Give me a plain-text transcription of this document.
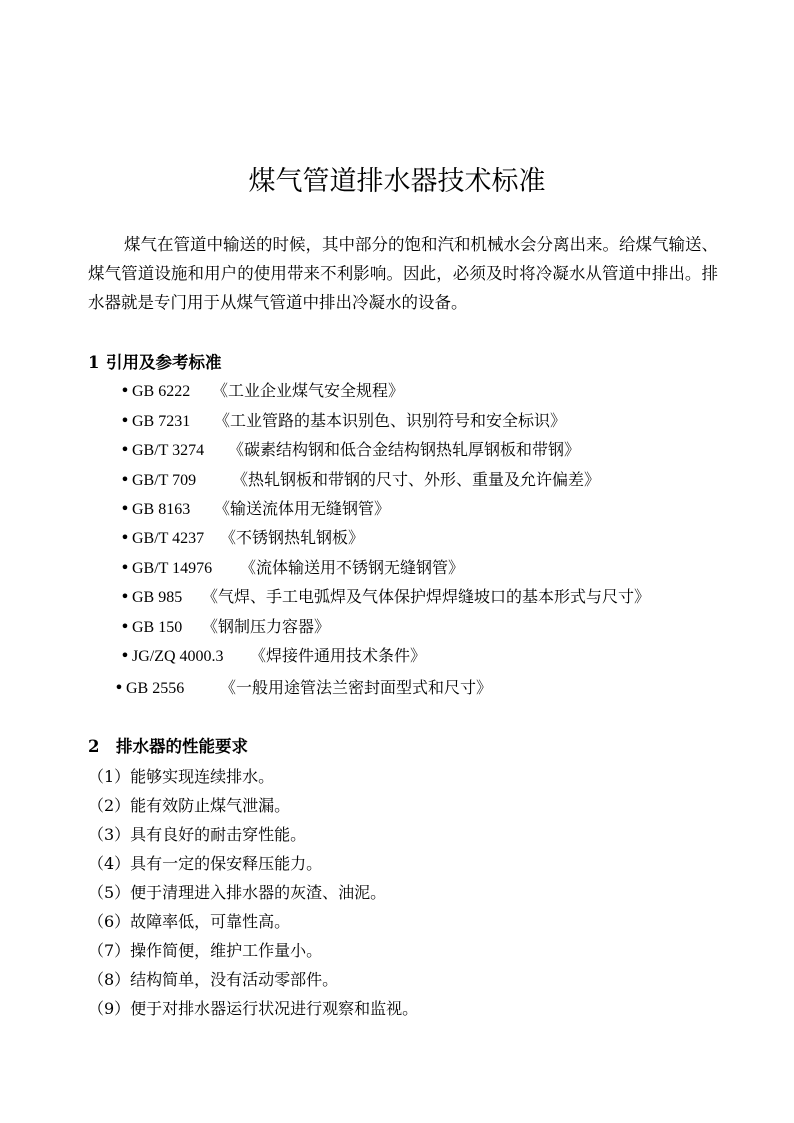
煤气管道排水器技术标准

煤气在管道中输送的时候，其中部分的饱和汽和机械水会分离出来。给煤气输送、煤气管道设施和用户的使用带来不利影响。因此，必须及时将冷凝水从管道中排出。排水器就是专门用于从煤气管道中排出冷凝水的设备。

1 引用及参考标准
• GB 6222 《工业企业煤气安全规程》
• GB 7231 《工业管路的基本识别色、识别符号和安全标识》
• GB/T 3274 《碳素结构钢和低合金结构钢热轧厚钢板和带钢》
• GB/T 709 《热轧钢板和带钢的尺寸、外形、重量及允许偏差》
• GB 8163 《输送流体用无缝钢管》
• GB/T 4237 《不锈钢热轧钢板》
• GB/T 14976 《流体输送用不锈钢无缝钢管》
• GB 985 《气焊、手工电弧焊及气体保护焊焊缝坡口的基本形式与尺寸》
• GB 150 《钢制压力容器》
• JG/ZQ 4000.3 《焊接件通用技术条件》
• GB 2556 《一般用途管法兰密封面型式和尺寸》
2 排水器的性能要求
（1）能够实现连续排水。
（2）能有效防止煤气泄漏。
（3）具有良好的耐击穿性能。
（4）具有一定的保安释压能力。
（5）便于清理进入排水器的灰渣、油泥。
（6）故障率低，可靠性高。
（7）操作简便，维护工作量小。
（8）结构简单，没有活动零部件。
（9）便于对排水器运行状况进行观察和监视。
